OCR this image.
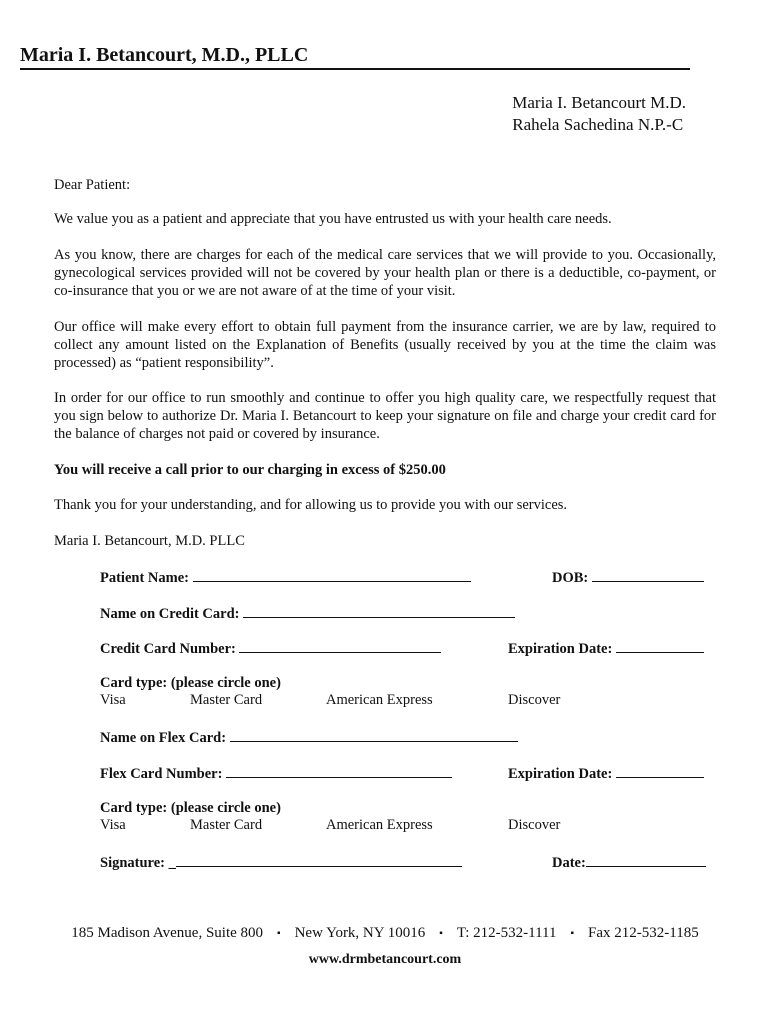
Maria I. Betancourt, M.D., PLLC
Maria I. Betancourt M.D.
Rahela Sachedina N.P.-C
Dear Patient:
We value you as a patient and appreciate that you have entrusted us with your health care needs.
As you know, there are charges for each of the medical care services that we will provide to you. Occasionally, gynecological services provided will not be covered by your health plan or there is a deductible, co-payment, or co-insurance that you or we are not aware of at the time of your visit.
Our office will make every effort to obtain full payment from the insurance carrier, we are by law, required to collect any amount listed on the Explanation of Benefits (usually received by you at the time the claim was processed) as “patient responsibility”.
In order for our office to run smoothly and continue to offer you high quality care, we respectfully request that you sign below to authorize Dr. Maria I. Betancourt to keep your signature on file and charge your credit card for the balance of charges not paid or covered by insurance.
You will receive a call prior to our charging in excess of $250.00
Thank you for your understanding, and for allowing us to provide you with our services.
Maria I. Betancourt, M.D. PLLC
Patient Name:	DOB:
Name on Credit Card:
Credit Card Number:	Expiration Date:
Card type: (please circle one)
Visa	Master Card	American Express	Discover
Name on Flex Card:
Flex Card Number:	Expiration Date:
Card type: (please circle one)
Visa	Master Card	American Express	Discover
Signature: _	Date:
185 Madison Avenue, Suite 800 ▪ New York, NY 10016 ▪ T: 212-532-1111 ▪ Fax 212-532-1185
www.drmbetancourt.com
